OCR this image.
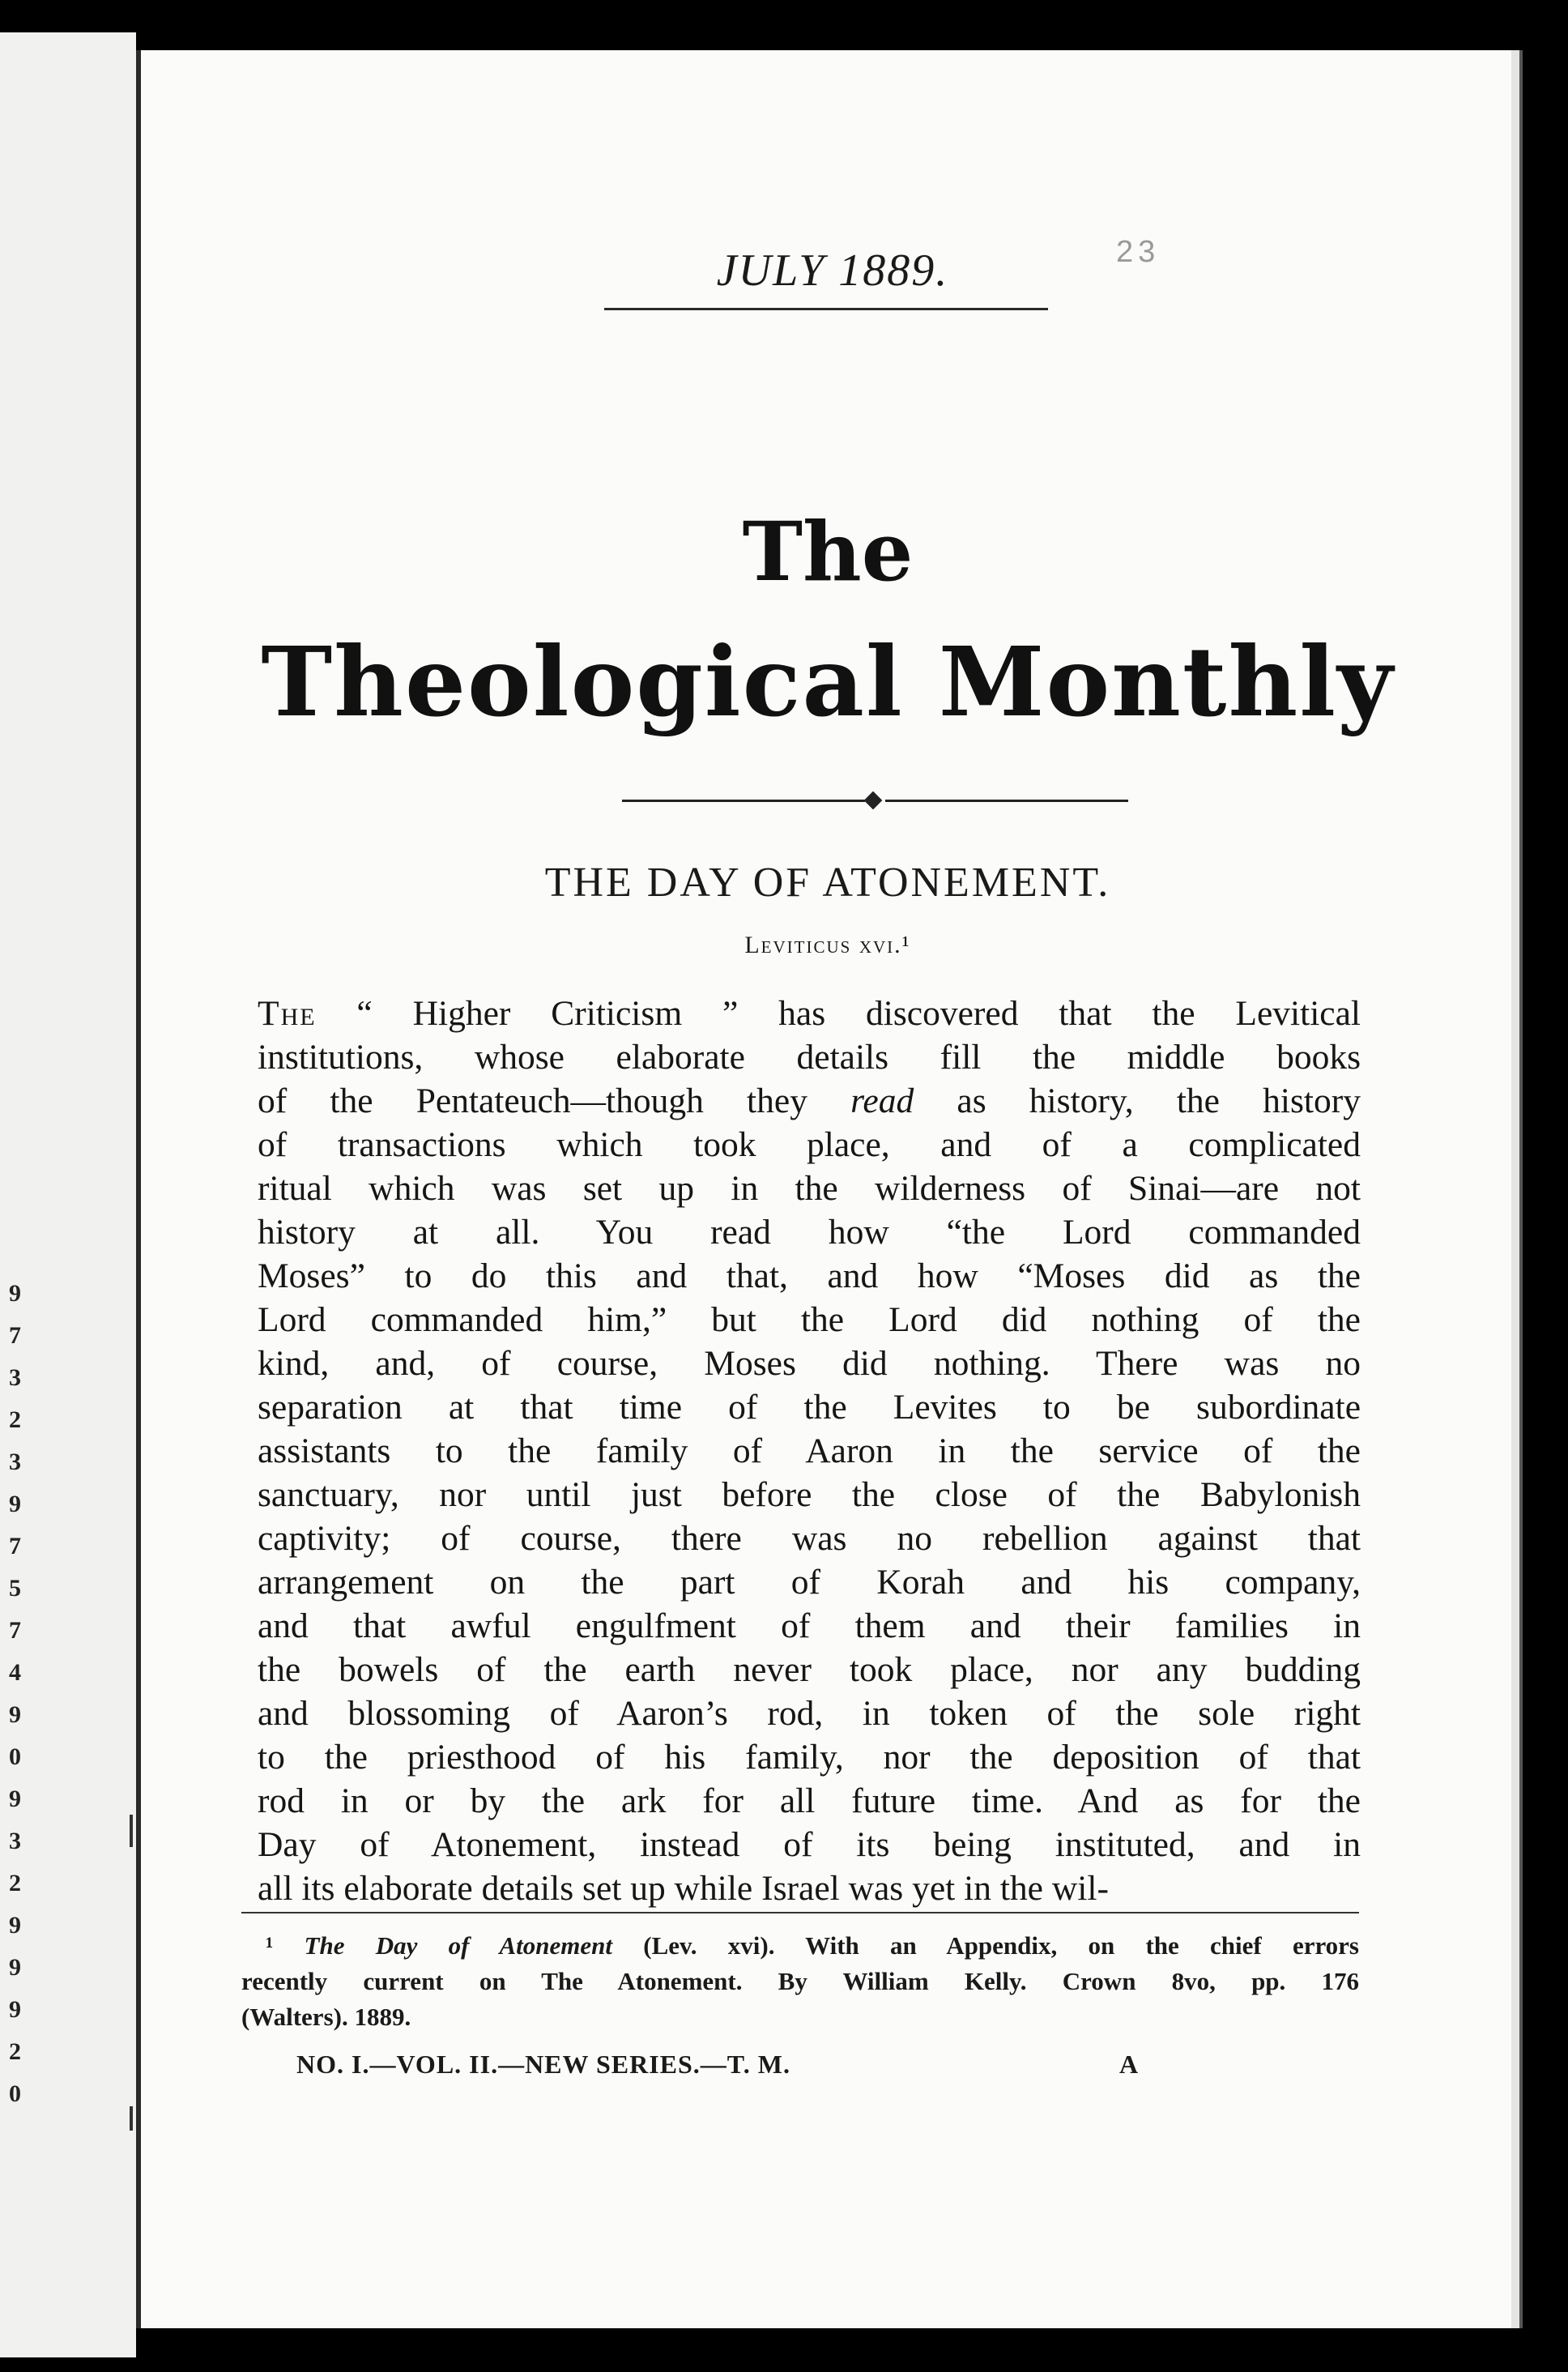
9
7
3
2
3
9
7
5
7
4
9
0
9
3
2
9
9
9
2
0
JULY 1889.	23
The
Theological Monthly
THE DAY OF ATONEMENT.
Leviticus xvi.¹
The “ Higher Criticism ” has discovered that the Levitical
institutions, whose elaborate details fill the middle books
of the Pentateuch—though they read as history, the history
of transactions which took place, and of a complicated
ritual which was set up in the wilderness of Sinai—are not
history at all. You read how “the Lord commanded
Moses” to do this and that, and how “Moses did as the
Lord commanded him,” but the Lord did nothing of the
kind, and, of course, Moses did nothing. There was no
separation at that time of the Levites to be subordinate
assistants to the family of Aaron in the service of the
sanctuary, nor until just before the close of the Babylonish
captivity; of course, there was no rebellion against that
arrangement on the part of Korah and his company,
and that awful engulfment of them and their families in
the bowels of the earth never took place, nor any budding
and blossoming of Aaron’s rod, in token of the sole right
to the priesthood of his family, nor the deposition of that
rod in or by the ark for all future time. And as for the
Day of Atonement, instead of its being instituted, and in
all its elaborate details set up while Israel was yet in the wil-
¹ The Day of Atonement (Lev. xvi). With an Appendix, on the chief errors
recently current on The Atonement. By William Kelly. Crown 8vo, pp. 176
(Walters). 1889.
NO. I.—VOL. II.—NEW SERIES.—T. M.	A
